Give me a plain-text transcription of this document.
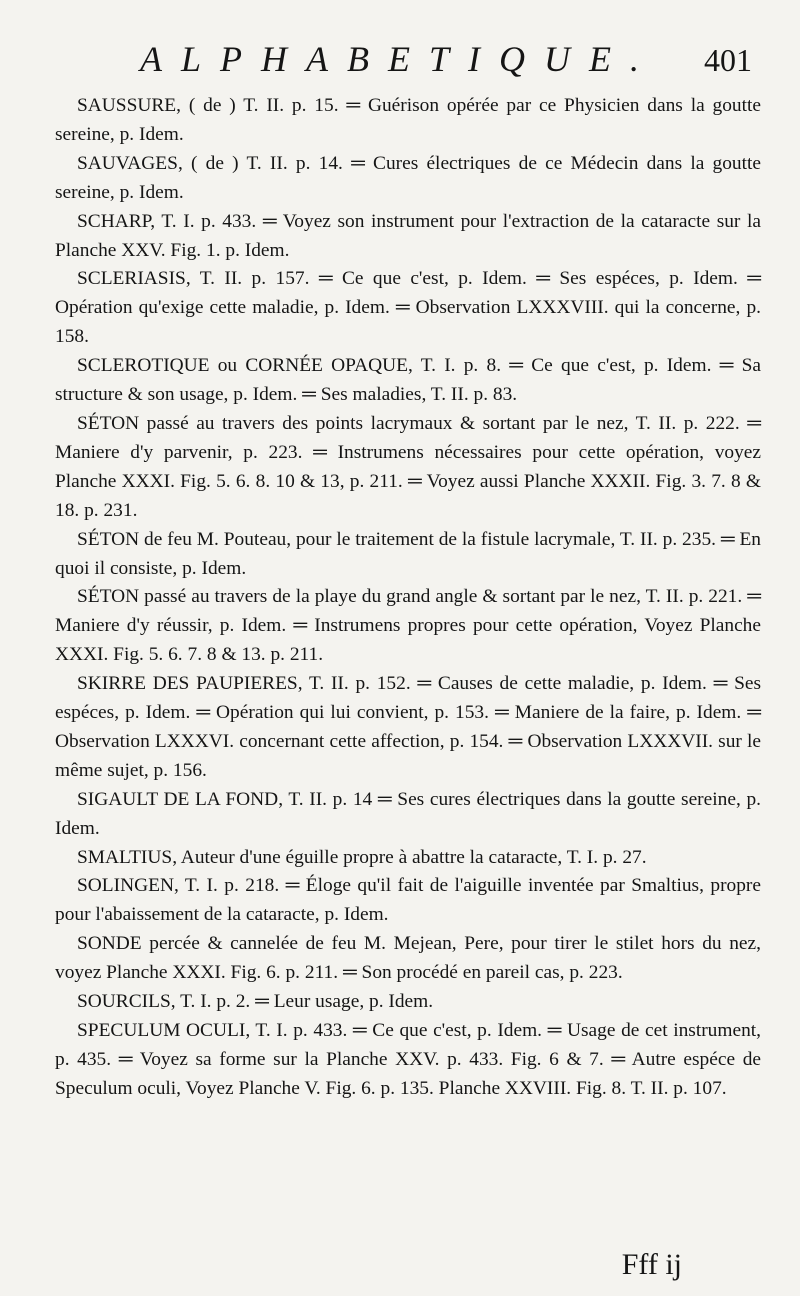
ALPHABETIQUE. 401

SAUSSURE, ( de ) T. II. p. 15. ═ Guérison opérée par ce Physicien dans la goutte sereine, p. Idem.

SAUVAGES, ( de ) T. II. p. 14. ═ Cures électriques de ce Médecin dans la goutte sereine, p. Idem.

SCHARP, T. I. p. 433. ═ Voyez son instrument pour l'extraction de la cataracte sur la Planche XXV. Fig. 1. p. Idem.

SCLERIASIS, T. II. p. 157. ═ Ce que c'est, p. Idem. ═ Ses espéces, p. Idem. ═ Opération qu'exige cette maladie, p. Idem. ═ Observation LXXXVIII. qui la concerne, p. 158.

SCLEROTIQUE ou CORNÉE OPAQUE, T. I. p. 8. ═ Ce que c'est, p. Idem. ═ Sa structure & son usage, p. Idem. ═ Ses maladies, T. II. p. 83.

SÉTON passé au travers des points lacrymaux & sortant par le nez, T. II. p. 222. ═ Maniere d'y parvenir, p. 223. ═ Instrumens nécessaires pour cette opération, voyez Planche XXXI. Fig. 5. 6. 8. 10 & 13, p. 211. ═ Voyez aussi Planche XXXII. Fig. 3. 7. 8 & 18. p. 231.

SÉTON de feu M. Pouteau, pour le traitement de la fistule lacrymale, T. II. p. 235. ═ En quoi il consiste, p. Idem.

SÉTON passé au travers de la playe du grand angle & sortant par le nez, T. II. p. 221. ═ Maniere d'y réussir, p. Idem. ═ Instrumens propres pour cette opération, Voyez Planche XXXI. Fig. 5. 6. 7. 8 & 13. p. 211.

SKIRRE DES PAUPIERES, T. II. p. 152. ═ Causes de cette maladie, p. Idem. ═ Ses espéces, p. Idem. ═ Opération qui lui convient, p. 153. ═ Maniere de la faire, p. Idem. ═ Observation LXXXVI. concernant cette affection, p. 154. ═ Observation LXXXVII. sur le même sujet, p. 156.

SIGAULT DE LA FOND, T. II. p. 14 ═ Ses cures électriques dans la goutte sereine, p. Idem.

SMALTIUS, Auteur d'une éguille propre à abattre la cataracte, T. I. p. 27.

SOLINGEN, T. I. p. 218. ═ Éloge qu'il fait de l'aiguille inventée par Smaltius, propre pour l'abaissement de la cataracte, p. Idem.

SONDE percée & cannelée de feu M. Mejean, Pere, pour tirer le stilet hors du nez, voyez Planche XXXI. Fig. 6. p. 211. ═ Son procédé en pareil cas, p. 223.

SOURCILS, T. I. p. 2. ═ Leur usage, p. Idem.

SPECULUM OCULI, T. I. p. 433. ═ Ce que c'est, p. Idem. ═ Usage de cet instrument, p. 435. ═ Voyez sa forme sur la Planche XXV. p. 433. Fig. 6 & 7. ═ Autre espéce de Speculum oculi, Voyez Planche V. Fig. 6. p. 135. Planche XXVIII. Fig. 8. T. II. p. 107.

Fff ij
